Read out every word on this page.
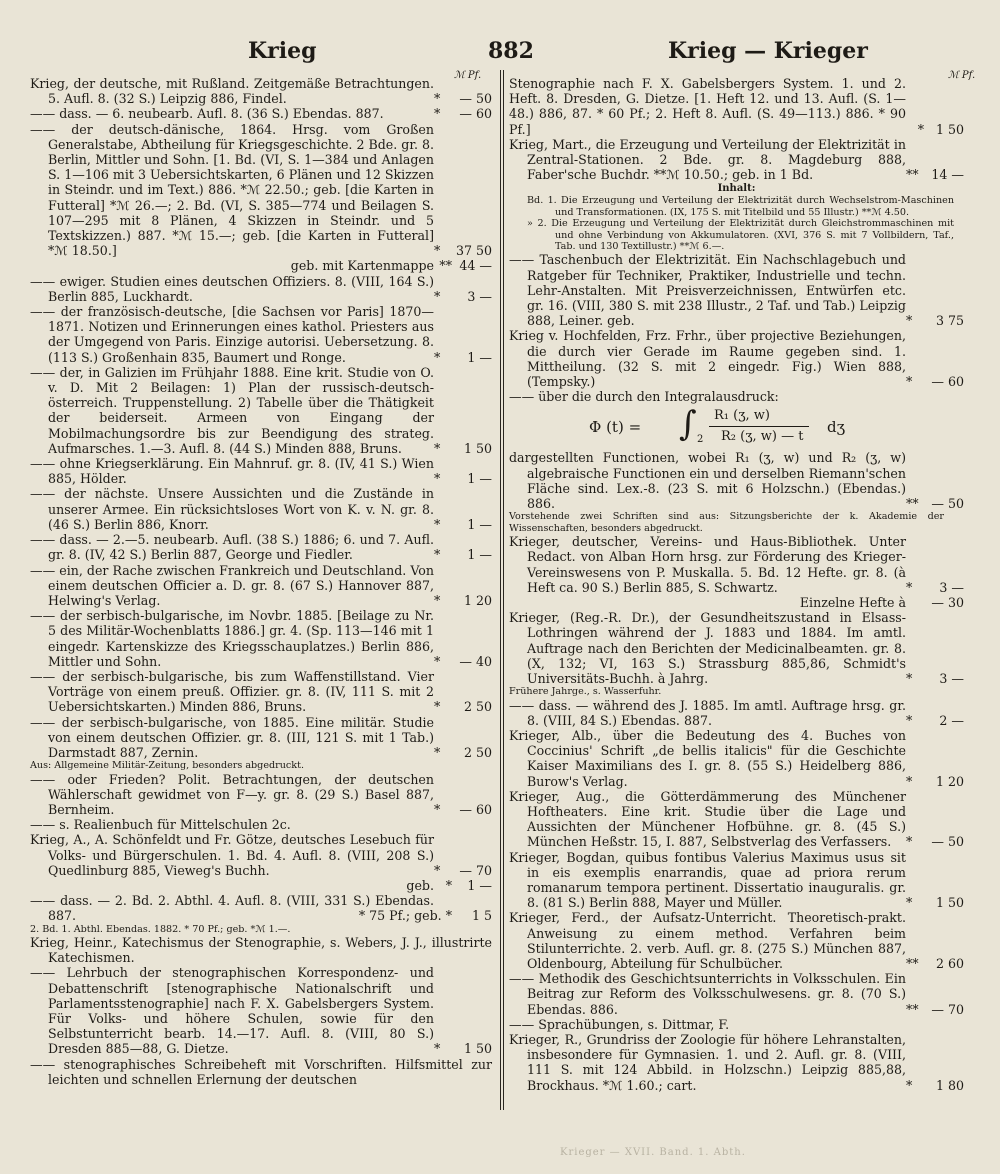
Krieg	882	Krieg — Krieger
ℳ Pf.	ℳ Pf.
Krieg, der deutsche, mit Rußland. Zeitgemäße Betrachtungen. 5. Aufl. 8. (32 S.) Leipzig 886, Findel.	*	— 50
—— dass. — 6. neubearb. Aufl. 8. (36 S.) Ebendas. 887.	*	— 60
—— der deutsch-dänische, 1864. Hrsg. vom Großen Generalstabe, Abtheilung für Kriegsgeschichte. 2 Bde. gr. 8. Berlin, Mittler und Sohn. [1. Bd. (VI, S. 1—384 und Anlagen S. 1—106 mit 3 Uebersichtskarten, 6 Plänen und 12 Skizzen in Steindr. und im Text.) 886. *ℳ 22.50.; geb. [die Karten in Futteral] *ℳ 26.—; 2. Bd. (VI, S. 385—774 und Beilagen S. 107—295 mit 8 Plänen, 4 Skizzen in Steindr. und 5 Textskizzen.) 887. *ℳ 15.—; geb. [die Karten in Futteral] *ℳ 18.50.]	*	37 50
geb. mit Kartenmappe ** 44 —
—— ewiger. Studien eines deutschen Offiziers. 8. (VIII, 164 S.) Berlin 885, Luckhardt.	*	3 —
—— der französisch-deutsche, [die Sachsen vor Paris] 1870—1871. Notizen und Erinnerungen eines kathol. Priesters aus der Umgegend von Paris. Einzige autorisi. Uebersetzung. 8. (113 S.) Großenhain 835, Baumert und Ronge.	*	1 —
—— der, in Galizien im Frühjahr 1888. Eine krit. Studie von O. v. D. Mit 2 Beilagen: 1) Plan der russisch-deutsch-österreich. Truppenstellung. 2) Tabelle über die Thätigkeit der beiderseit. Armeen von Eingang der Mobilmachungsordre bis zur Beendigung des strateg. Aufmarsches. 1.—3. Aufl. 8. (44 S.) Minden 888, Bruns.	*	1 50
—— ohne Kriegserklärung. Ein Mahnruf. gr. 8. (IV, 41 S.) Wien 885, Hölder.	*	1 —
—— der nächste. Unsere Aussichten und die Zustände in unserer Armee. Ein rücksichtsloses Wort von K. v. N. gr. 8. (46 S.) Berlin 886, Knorr.	*	1 —
—— dass. — 2.—5. neubearb. Aufl. (38 S.) 1886; 6. und 7. Aufl. gr. 8. (IV, 42 S.) Berlin 887, George und Fiedler.	*	1 —
—— ein, der Rache zwischen Frankreich und Deutschland. Von einem deutschen Officier a. D. gr. 8. (67 S.) Hannover 887, Helwing's Verlag.	*	1 20
—— der serbisch-bulgarische, im Novbr. 1885. [Beilage zu Nr. 5 des Militär-Wochenblatts 1886.] gr. 4. (Sp. 113—146 mit 1 eingedr. Kartenskizze des Kriegsschauplatzes.) Berlin 886, Mittler und Sohn.	*	— 40
—— der serbisch-bulgarische, bis zum Waffenstillstand. Vier Vorträge von einem preuß. Offizier. gr. 8. (IV, 111 S. mit 2 Uebersichtskarten.) Minden 886, Bruns.	*	2 50
—— der serbisch-bulgarische, von 1885. Eine militär. Studie von einem deutschen Offizier. gr. 8. (III, 121 S. mit 1 Tab.) Darmstadt 887, Zernin.	*	2 50
Aus: Allgemeine Militär-Zeitung, besonders abgedruckt.
—— oder Frieden? Polit. Betrachtungen, der deutschen Wählerschaft gewidmet von F—y. gr. 8. (29 S.) Basel 887, Bernheim.	*	— 60
—— s. Realienbuch für Mittelschulen 2c.
Krieg, A., A. Schönfeldt und Fr. Götze, deutsches Lesebuch für Volks- und Bürgerschulen. 1. Bd. 4. Aufl. 8. (VIII, 208 S.) Quedlinburg 885, Vieweg's Buchh.	*	— 70
geb. *	1 —
—— dass. — 2. Bd. 2. Abthl. 4. Aufl. 8. (VIII, 331 S.) Ebendas. 887.	* 75 Pf.; geb. *	1 5
2. Bd. 1. Abthl. Ebendas. 1882. * 70 Pf.; geb. *ℳ 1.—.
Krieg, Heinr., Katechismus der Stenographie, s. Webers, J. J., illustrirte Katechismen.
—— Lehrbuch der stenographischen Korrespondenz- und Debattenschrift [stenographische Nationalschrift und Parlamentsstenographie] nach F. X. Gabelsbergers System. Für Volks- und höhere Schulen, sowie für den Selbstunterricht bearb. 14.—17. Aufl. 8. (VIII, 80 S.) Dresden 885—88, G. Dietze.	*	1 50
—— stenographisches Schreibeheft mit Vorschriften. Hilfsmittel zur leichten und schnellen Erlernung der deutschen
Stenographie nach F. X. Gabelsbergers System. 1. und 2. Heft. 8. Dresden, G. Dietze. [1. Heft 12. und 13. Aufl. (S. 1—48.) 886, 87. * 60 Pf.; 2. Heft 8. Aufl. (S. 49—113.) 886. * 90 Pf.]	* 1 50
Krieg, Mart., die Erzeugung und Verteilung der Elektrizität in Zentral-Stationen. 2 Bde. gr. 8. Magdeburg 888, Faber'sche Buchdr. **ℳ 10.50.; geb. in 1 Bd.	**	14 —
Inhalt:
Bd. 1. Die Erzeugung und Verteilung der Elektrizität durch Wechselstrom-Maschinen und Transformationen. (IX, 175 S. mit Titelbild und 55 Illustr.) **ℳ 4.50.
» 2. Die Erzeugung und Verteilung der Elektrizität durch Gleichstrommaschinen mit und ohne Verbindung von Akkumulatoren. (XVI, 376 S. mit 7 Vollbildern, Taf., Tab. und 130 Textillustr.) **ℳ 6.—.
—— Taschenbuch der Elektrizität. Ein Nachschlagebuch und Ratgeber für Techniker, Praktiker, Industrielle und techn. Lehr-Anstalten. Mit Preisverzeichnissen, Entwürfen etc. gr. 16. (VIII, 380 S. mit 238 Illustr., 2 Taf. und Tab.) Leipzig 888, Leiner. geb.	*	3 75
Krieg v. Hochfelden, Frz. Frhr., über projective Beziehungen, die durch vier Gerade im Raume gegeben sind. 1. Mittheilung. (32 S. mit 2 eingedr. Fig.) Wien 888, (Tempsky.)	*	— 60
—— über die durch den Integralausdruck:
Φ (t) = ∫ R₁ (ʒ, w)
R₂ (ʒ, w) — t
2
dʒ
dargestellten Functionen, wobei R₁ (ʒ, w) und R₂ (ʒ, w) algebraische Functionen ein und derselben Riemann'schen Fläche sind. Lex.-8. (23 S. mit 6 Holzschn.) (Ebendas.) 886.	**	— 50
Vorstehende zwei Schriften sind aus: Sitzungsberichte der k. Akademie der Wissenschaften, besonders abgedruckt.
Krieger, deutscher, Vereins- und Haus-Bibliothek. Unter Redact. von Alban Horn hrsg. zur Förderung des Krieger-Vereinswesens von P. Muskalla. 5. Bd. 12 Hefte. gr. 8. (à Heft ca. 90 S.) Berlin 885, S. Schwartz.	*	3 —
Einzelne Hefte à	— 30
Krieger, (Reg.-R. Dr.), der Gesundheitszustand in Elsass-Lothringen während der J. 1883 und 1884. Im amtl. Auftrage nach den Berichten der Medicinalbeamten. gr. 8. (X, 132; VI, 163 S.) Strassburg 885,86, Schmidt's Universitäts-Buchh. à Jahrg.	*	3 —
Frühere Jahrge., s. Wasserfuhr.
—— dass. — während des J. 1885. Im amtl. Auftrage hrsg. gr. 8. (VIII, 84 S.) Ebendas. 887.	*	2 —
Krieger, Alb., über die Bedeutung des 4. Buches von Coccinius' Schrift „de bellis italicis" für die Geschichte Kaiser Maximilians des I. gr. 8. (55 S.) Heidelberg 886, Burow's Verlag.	*	1 20
Krieger, Aug., die Götterdämmerung des Münchener Hoftheaters. Eine krit. Studie über die Lage und Aussichten der Münchener Hofbühne. gr. 8. (45 S.) München Heßstr. 15, I. 887, Selbstverlag des Verfassers.	*	— 50
Krieger, Bogdan, quibus fontibus Valerius Maximus usus sit in eis exemplis enarrandis, quae ad priora rerum romanarum tempora pertinent. Dissertatio inauguralis. gr. 8. (81 S.) Berlin 888, Mayer und Müller.	*	1 50
Krieger, Ferd., der Aufsatz-Unterricht. Theoretisch-prakt. Anweisung zu einem method. Verfahren beim Stilunterrichte. 2. verb. Aufl. gr. 8. (275 S.) München 887, Oldenbourg, Abteilung für Schulbücher.	**	2 60
—— Methodik des Geschichtsunterrichts in Volksschulen. Ein Beitrag zur Reform des Volksschulwesens. gr. 8. (70 S.) Ebendas. 886.	**	— 70
—— Sprachübungen, s. Dittmar, F.
Krieger, R., Grundriss der Zoologie für höhere Lehranstalten, insbesondere für Gymnasien. 1. und 2. Aufl. gr. 8. (VIII, 111 S. mit 124 Abbild. in Holzschn.) Leipzig 885,88, Brockhaus. *ℳ 1.60.; cart.	*	1 80
Krieger — XVII. Band. 1. Abth.
